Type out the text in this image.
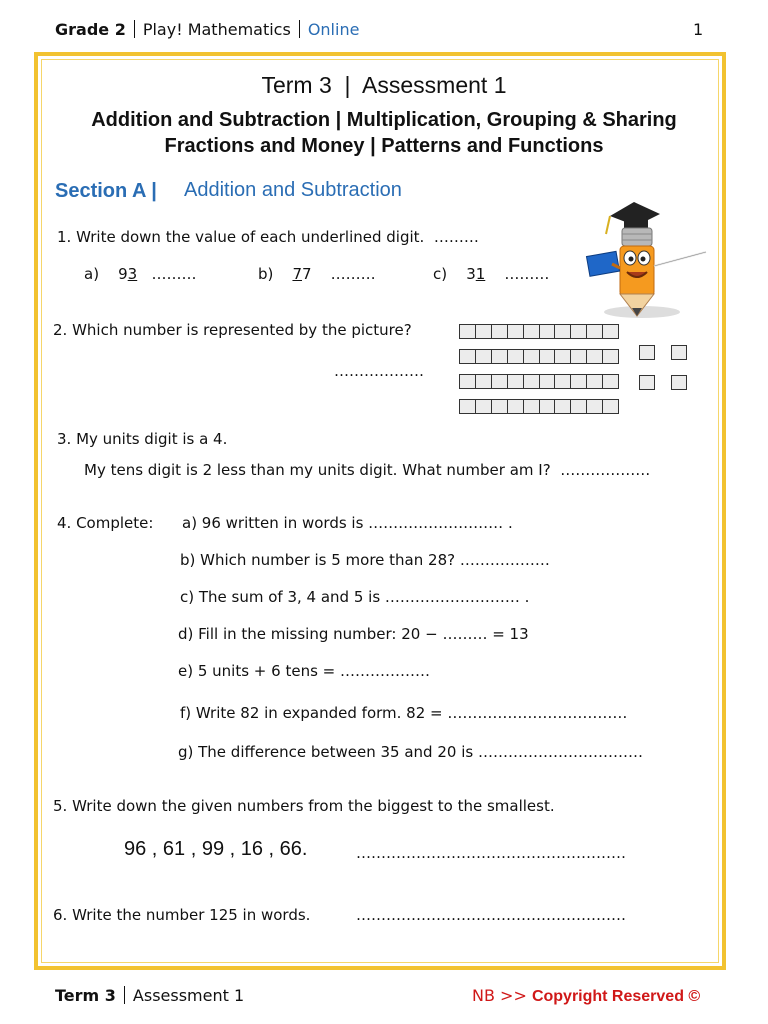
Grade 2 Play! Mathematics Online	1
Term 3  |  Assessment 1
Addition and Subtraction | Multiplication, Grouping & Sharing
Fractions and Money | Patterns and Functions
Section A | Addition and Subtraction
1. Write down the value of each underlined digit. ………
a) 93 ………	b) 77 ………	c) 31 ………
2. Which number is represented by the picture?
………………
3. My units digit is a 4.
My tens digit is 2 less than my units digit. What number am I? ………………
4. Complete: a) 96 written in words is ……………………… .
b) Which number is 5 more than 28? ………………
c) The sum of 3, 4 and 5 is ……………………… .
d) Fill in the missing number: 20 − ……… = 13
e) 5 units + 6 tens = ………………
f) Write 82 in expanded form. 82 = ………………………………
g) The difference between 35 and 20 is ……………………………
5. Write down the given numbers from the biggest to the smallest.
96 , 61 , 99 , 16 , 66.	………………………………………………
6. Write the number 125 in words.	………………………………………………
Term 3 Assessment 1	NB >> Copyright Reserved ©
